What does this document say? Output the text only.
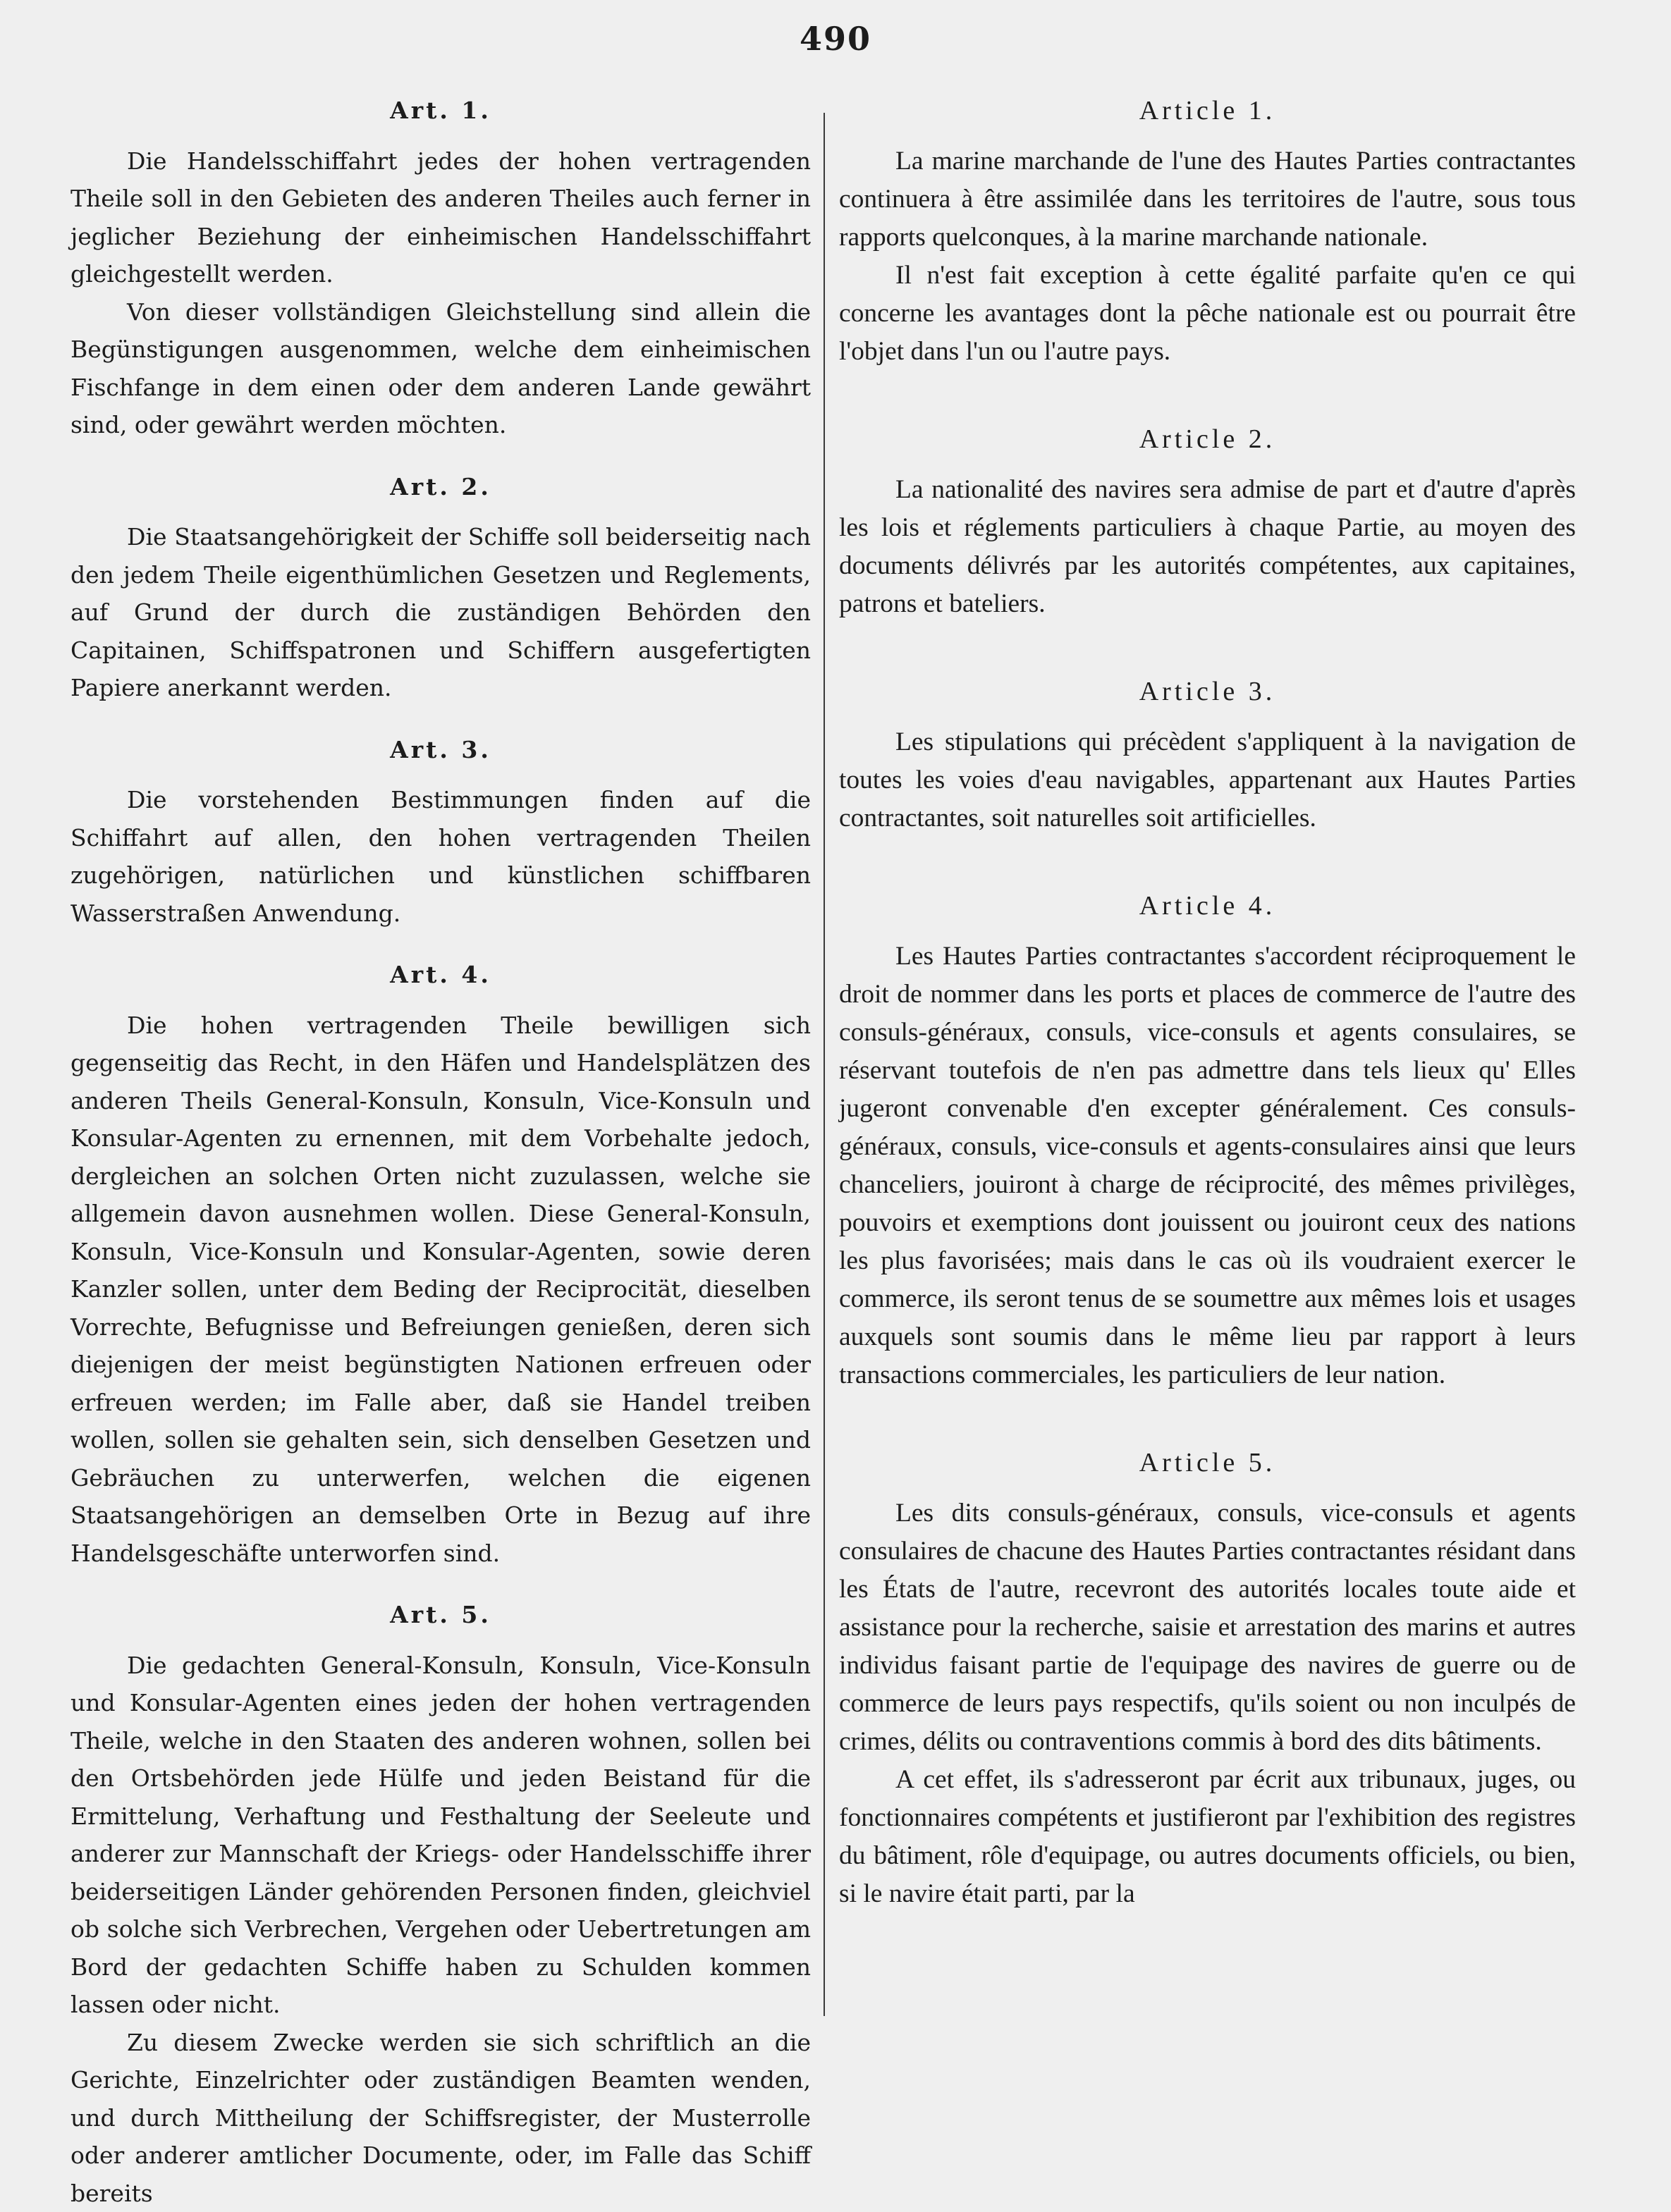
490
Art. 1.

Die Handelsschiffahrt jedes der hohen vertragenden Theile soll in den Gebieten des anderen Theiles auch ferner in jeglicher Beziehung der einheimischen Handelsschiffahrt gleichgestellt werden.

Von dieser vollständigen Gleichstellung sind allein die Begünstigungen ausgenommen, welche dem einheimischen Fischfange in dem einen oder dem anderen Lande gewährt sind, oder gewährt werden möchten.

Art. 2.

Die Staatsangehörigkeit der Schiffe soll beiderseitig nach den jedem Theile eigenthümlichen Gesetzen und Reglements, auf Grund der durch die zuständigen Behörden den Capitainen, Schiffspatronen und Schiffern ausgefertigten Papiere anerkannt werden.

Art. 3.

Die vorstehenden Bestimmungen finden auf die Schiffahrt auf allen, den hohen vertragenden Theilen zugehörigen, natürlichen und künstlichen schiffbaren Wasserstraßen Anwendung.

Art. 4.

Die hohen vertragenden Theile bewilligen sich gegenseitig das Recht, in den Häfen und Handelsplätzen des anderen Theils General-Konsuln, Konsuln, Vice-Konsuln und Konsular-Agenten zu ernennen, mit dem Vorbehalte jedoch, dergleichen an solchen Orten nicht zuzulassen, welche sie allgemein davon ausnehmen wollen. Diese General-Konsuln, Konsuln, Vice-Konsuln und Konsular-Agenten, sowie deren Kanzler sollen, unter dem Beding der Reciprocität, dieselben Vorrechte, Befugnisse und Befreiungen genießen, deren sich diejenigen der meist begünstigten Nationen erfreuen oder erfreuen werden; im Falle aber, daß sie Handel treiben wollen, sollen sie gehalten sein, sich denselben Gesetzen und Gebräuchen zu unterwerfen, welchen die eigenen Staatsangehörigen an demselben Orte in Bezug auf ihre Handelsgeschäfte unterworfen sind.

Art. 5.

Die gedachten General-Konsuln, Konsuln, Vice-Konsuln und Konsular-Agenten eines jeden der hohen vertragenden Theile, welche in den Staaten des anderen wohnen, sollen bei den Ortsbehörden jede Hülfe und jeden Beistand für die Ermittelung, Verhaftung und Festhaltung der Seeleute und anderer zur Mannschaft der Kriegs- oder Handelsschiffe ihrer beiderseitigen Länder gehörenden Personen finden, gleichviel ob solche sich Verbrechen, Vergehen oder Uebertretungen am Bord der gedachten Schiffe haben zu Schulden kommen lassen oder nicht.

Zu diesem Zwecke werden sie sich schriftlich an die Gerichte, Einzelrichter oder zuständigen Beamten wenden, und durch Mittheilung der Schiffsregister, der Musterrolle oder anderer amtlicher Documente, oder, im Falle das Schiff bereits

Article 1.

La marine marchande de l'une des Hautes Parties contractantes continuera à être assimilée dans les territoires de l'autre, sous tous rapports quelconques, à la marine marchande nationale.

Il n'est fait exception à cette égalité parfaite qu'en ce qui concerne les avantages dont la pêche nationale est ou pourrait être l'objet dans l'un ou l'autre pays.

Article 2.

La nationalité des navires sera admise de part et d'autre d'après les lois et réglements particuliers à chaque Partie, au moyen des documents délivrés par les autorités compétentes, aux capitaines, patrons et bateliers.

Article 3.

Les stipulations qui précèdent s'appliquent à la navigation de toutes les voies d'eau navigables, appartenant aux Hautes Parties contractantes, soit naturelles soit artificielles.

Article 4.

Les Hautes Parties contractantes s'accordent réciproquement le droit de nommer dans les ports et places de commerce de l'autre des consuls-généraux, consuls, vice-consuls et agents consulaires, se réservant toutefois de n'en pas admettre dans tels lieux qu' Elles jugeront convenable d'en excepter généralement. Ces consuls-généraux, consuls, vice-consuls et agents-consulaires ainsi que leurs chanceliers, jouiront à charge de réciprocité, des mêmes privilèges, pouvoirs et exemptions dont jouissent ou jouiront ceux des nations les plus favorisées; mais dans le cas où ils voudraient exercer le commerce, ils seront tenus de se soumettre aux mêmes lois et usages auxquels sont soumis dans le même lieu par rapport à leurs transactions commerciales, les particuliers de leur nation.

Article 5.

Les dits consuls-généraux, consuls, vice-consuls et agents consulaires de chacune des Hautes Parties contractantes résidant dans les États de l'autre, recevront des autorités locales toute aide et assistance pour la recherche, saisie et arrestation des marins et autres individus faisant partie de l'equipage des navires de guerre ou de commerce de leurs pays respectifs, qu'ils soient ou non inculpés de crimes, délits ou contraventions commis à bord des dits bâtiments.

A cet effet, ils s'adresseront par écrit aux tribunaux, juges, ou fonctionnaires compétents et justifieront par l'exhibition des registres du bâtiment, rôle d'equipage, ou autres documents officiels, ou bien, si le navire était parti, par la
